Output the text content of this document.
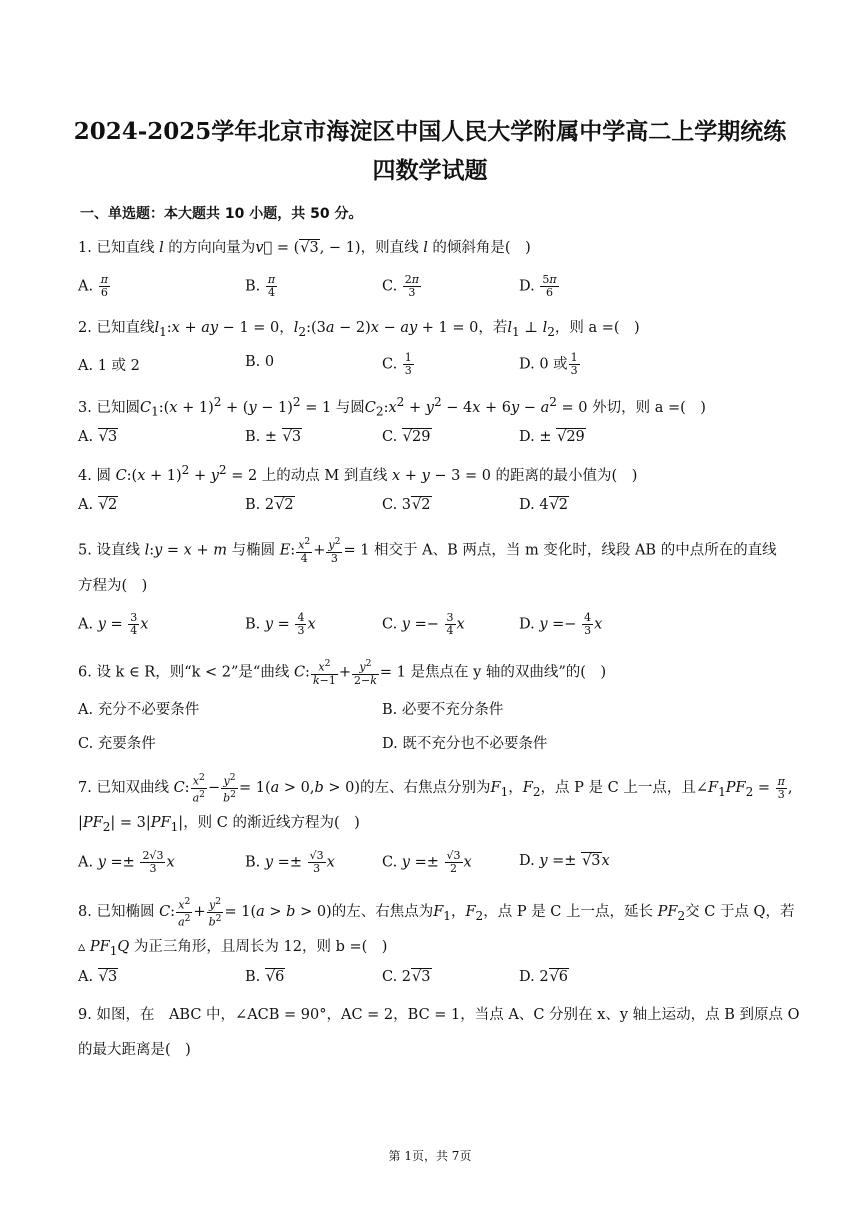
2024-2025学年北京市海淀区中国人民大学附属中学高二上学期统练
四数学试题
一、单选题：本大题共 10 小题，共 50 分。
1. 已知直线 l 的方向向量为v⃗ = (√3, − 1)，则直线 l 的倾斜角是(　)
A. $\frac{\pi}{6}$	B. $\frac{\pi}{4}$	C. $\frac{2\pi}{3}$	D. $\frac{5\pi}{6}$
2. 已知直线$l_1:x$ + ay − 1 = 0，$l_2:(3a - 2)x$ − ay + 1 = 0，若$l_1$ ⊥ $l_2$，则 a =(　)
A. 1 或 2	B. 0	C. $\frac{1}{3}$	D. 0 或 $\frac{1}{3}$
3. 已知圆$C_1:(x + 1)^2 + (y - 1)^2 = 1$ 与圆$C_2:x^2 + y^2 - 4x + 6y - a^2 = 0$ 外切，则 a =(　)
A. √3	B. ± √3	C. √29	D. ± √29
4. 圆 C:(x + $1)^2 + y^2 = 2$ 上的动点 M 到直线 x + y − 3 = 0 的距离的最小值为(　)
A. √2	B. 2√2	C. 3√2	D. 4√2
5. 设直线 l:y = x + m 与椭圆 E: $\frac{x^2}{4} + \frac{y^2}{3} = 1$ 相交于 A、B 两点，当 m 变化时，线段 AB 的中点所在的直线
方程为(　)
A. $y = \frac{3}{4}$ x	B. $y = \frac{4}{3}$ x	C. $y =- \frac{3}{4}$ x	D. $y =- \frac{4}{3}$ x
6. 设 k ∈ R，则“k < 2”是“曲线 C: $\frac{x^2}{k-1} + \frac{y^2}{2-k} = 1$ 是焦点在 y 轴的双曲线”的(　)
A. 充分不必要条件	B. 必要不充分条件
C. 充要条件	D. 既不充分也不必要条件
7. 已知双曲线 C: $\frac{x^2}{a^2} - \frac{y^2}{b^2} = 1(a > 0,b > 0)$的左、右焦点分别为$F_1$，$F_2$，点 P 是 C 上一点，且$\angle F_1PF_2 = \frac{\pi}{3}$ ,
$|PF_2| = 3|PF_1|$，则 C 的渐近线方程为(　)
A. $y =\pm \frac{2√3}{3}$ x	B. $y =\pm \frac{√3}{3}$ x	C. $y =\pm \frac{√3}{2}$ x	D. y =± √3x
8. 已知椭圆 C: $\frac{x^2}{a^2} + \frac{y^2}{b^2} = 1(a > b > 0)$的左、右焦点为$F_1$，$F_2$，点 P 是 C 上一点，延长 $PF_2$交 C 于点 Q，若
▵ $PF_1Q$ 为正三角形，且周长为 12，则 b =(　)
A. √3	B. √6	C. 2√3	D. 2√6
9. 如图，在　ABC 中，∠ACB = 90°，AC = 2，BC = 1，当点 A、C 分别在 x、y 轴上运动，点 B 到原点 O
的最大距离是(　)
第 1页，共 7页
